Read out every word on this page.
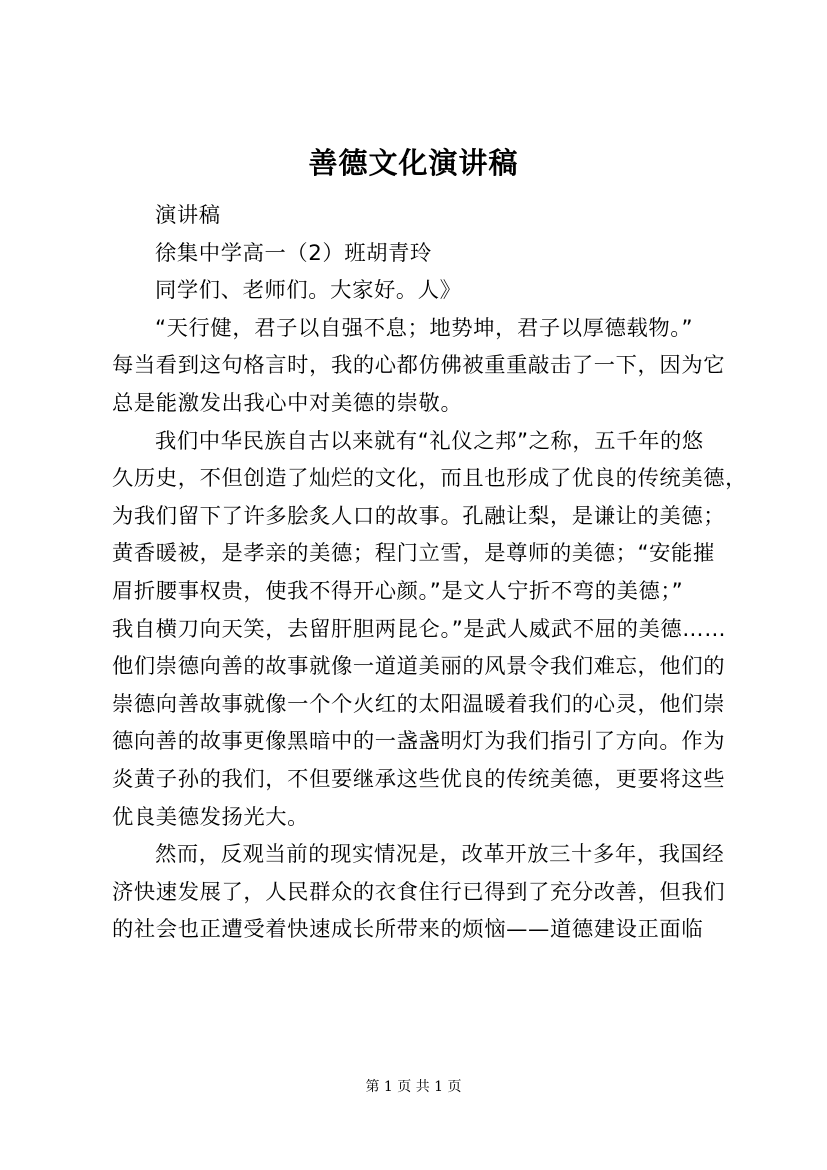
善德文化演讲稿
演讲稿
徐集中学高一（2）班胡青玲
同学们、老师们。大家好。人》
“天行健，君子以自强不息；地势坤，君子以厚德载物。”
每当看到这句格言时，我的心都仿佛被重重敲击了一下，因为它
总是能激发出我心中对美德的崇敬。
我们中华民族自古以来就有“礼仪之邦”之称，五千年的悠
久历史，不但创造了灿烂的文化，而且也形成了优良的传统美德，
为我们留下了许多脍炙人口的故事。孔融让梨，是谦让的美德；
黄香暖被，是孝亲的美德；程门立雪，是尊师的美德；“安能摧
眉折腰事权贵，使我不得开心颜。”是文人宁折不弯的美德；”
我自横刀向天笑，去留肝胆两昆仑。”是武人威武不屈的美德……
他们崇德向善的故事就像一道道美丽的风景令我们难忘，他们的
崇德向善故事就像一个个火红的太阳温暖着我们的心灵，他们崇
德向善的故事更像黑暗中的一盏盏明灯为我们指引了方向。作为
炎黄子孙的我们，不但要继承这些优良的传统美德，更要将这些
优良美德发扬光大。
然而，反观当前的现实情况是，改革开放三十多年，我国经
济快速发展了，人民群众的衣食住行已得到了充分改善，但我们
的社会也正遭受着快速成长所带来的烦恼——道德建设正面临
第 1 页 共 1 页
